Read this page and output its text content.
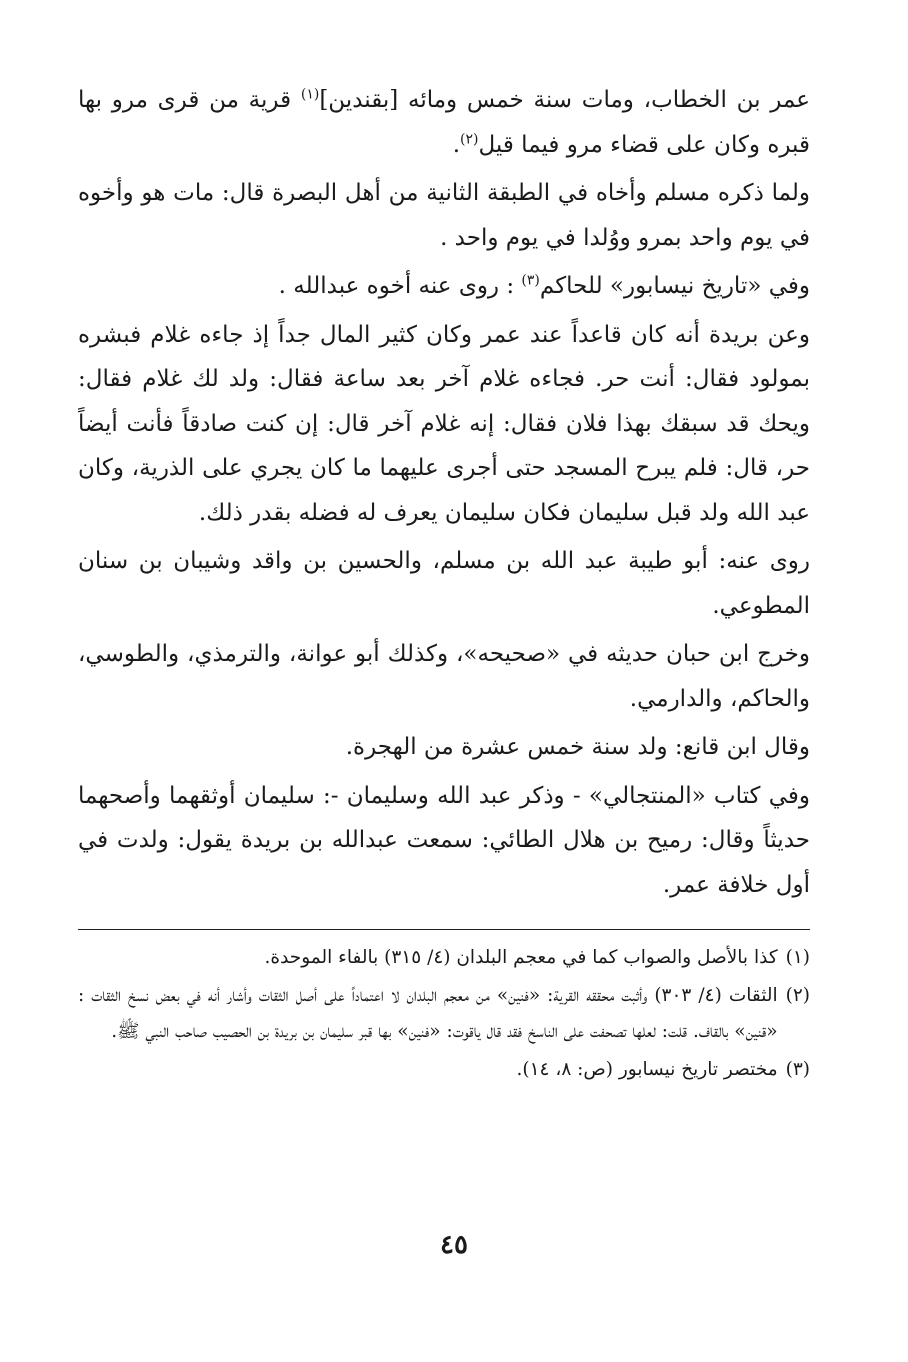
عمر بن الخطاب، ومات سنة خمس ومائه [بقندين]$^{(١)}$ قرية من قرى مرو بها قبره وكان على قضاء مرو فيما قيل$^{(٢)}$.

ولما ذكره مسلم وأخاه في الطبقة الثانية من أهل البصرة قال: مات هو وأخوه في يوم واحد بمرو ووُلدا في يوم واحد .

وفي «تاريخ نيسابور» للحاكم$^{(٣)}$ : روى عنه أخوه عبدالله .

وعن بريدة أنه كان قاعداً عند عمر وكان كثير المال جداً إذ جاءه غلام فبشره بمولود فقال: أنت حر. فجاءه غلام آخر بعد ساعة فقال: ولد لك غلام فقال: ويحك قد سبقك بهذا فلان فقال: إنه غلام آخر قال: إن كنت صادقاً فأنت أيضاً حر، قال: فلم يبرح المسجد حتى أجرى عليهما ما كان يجري على الذرية، وكان عبد الله ولد قبل سليمان فكان سليمان يعرف له فضله بقدر ذلك.

روى عنه: أبو طيبة عبد الله بن مسلم، والحسين بن واقد وشيبان بن سنان المطوعي.

وخرج ابن حبان حديثه في «صحيحه»، وكذلك أبو عوانة، والترمذي، والطوسي، والحاكم، والدارمي.

وقال ابن قانع: ولد سنة خمس عشرة من الهجرة.

وفي كتاب «المنتجالي» - وذكر عبد الله وسليمان -: سليمان أوثقهما وأصحهما حديثاً وقال: رميح بن هلال الطائي: سمعت عبدالله بن بريدة يقول: ولدت في أول خلافة عمر.

(١)
كذا بالأصل والصواب كما في معجم البلدان (٤/ ٣١٥) بالفاء الموحدة.
(٢)
الثقات (٤/ ٣٠٣) وأثبت محققه القرية: «فنين» من معجم البلدان لا اعتماداً على أصل الثقات وأشار أنه في بعض نسخ الثقات : «قنين» بالقاف. قلت: لعلها تصحفت على الناسخ فقد قال ياقوت: «فنين» بها قبر سليمان بن بريدة بن الحصيب صاحب النبي ﷺ.
(٣)
مختصر تاريخ نيسابور (ص: ٨، ١٤).
٤٥
